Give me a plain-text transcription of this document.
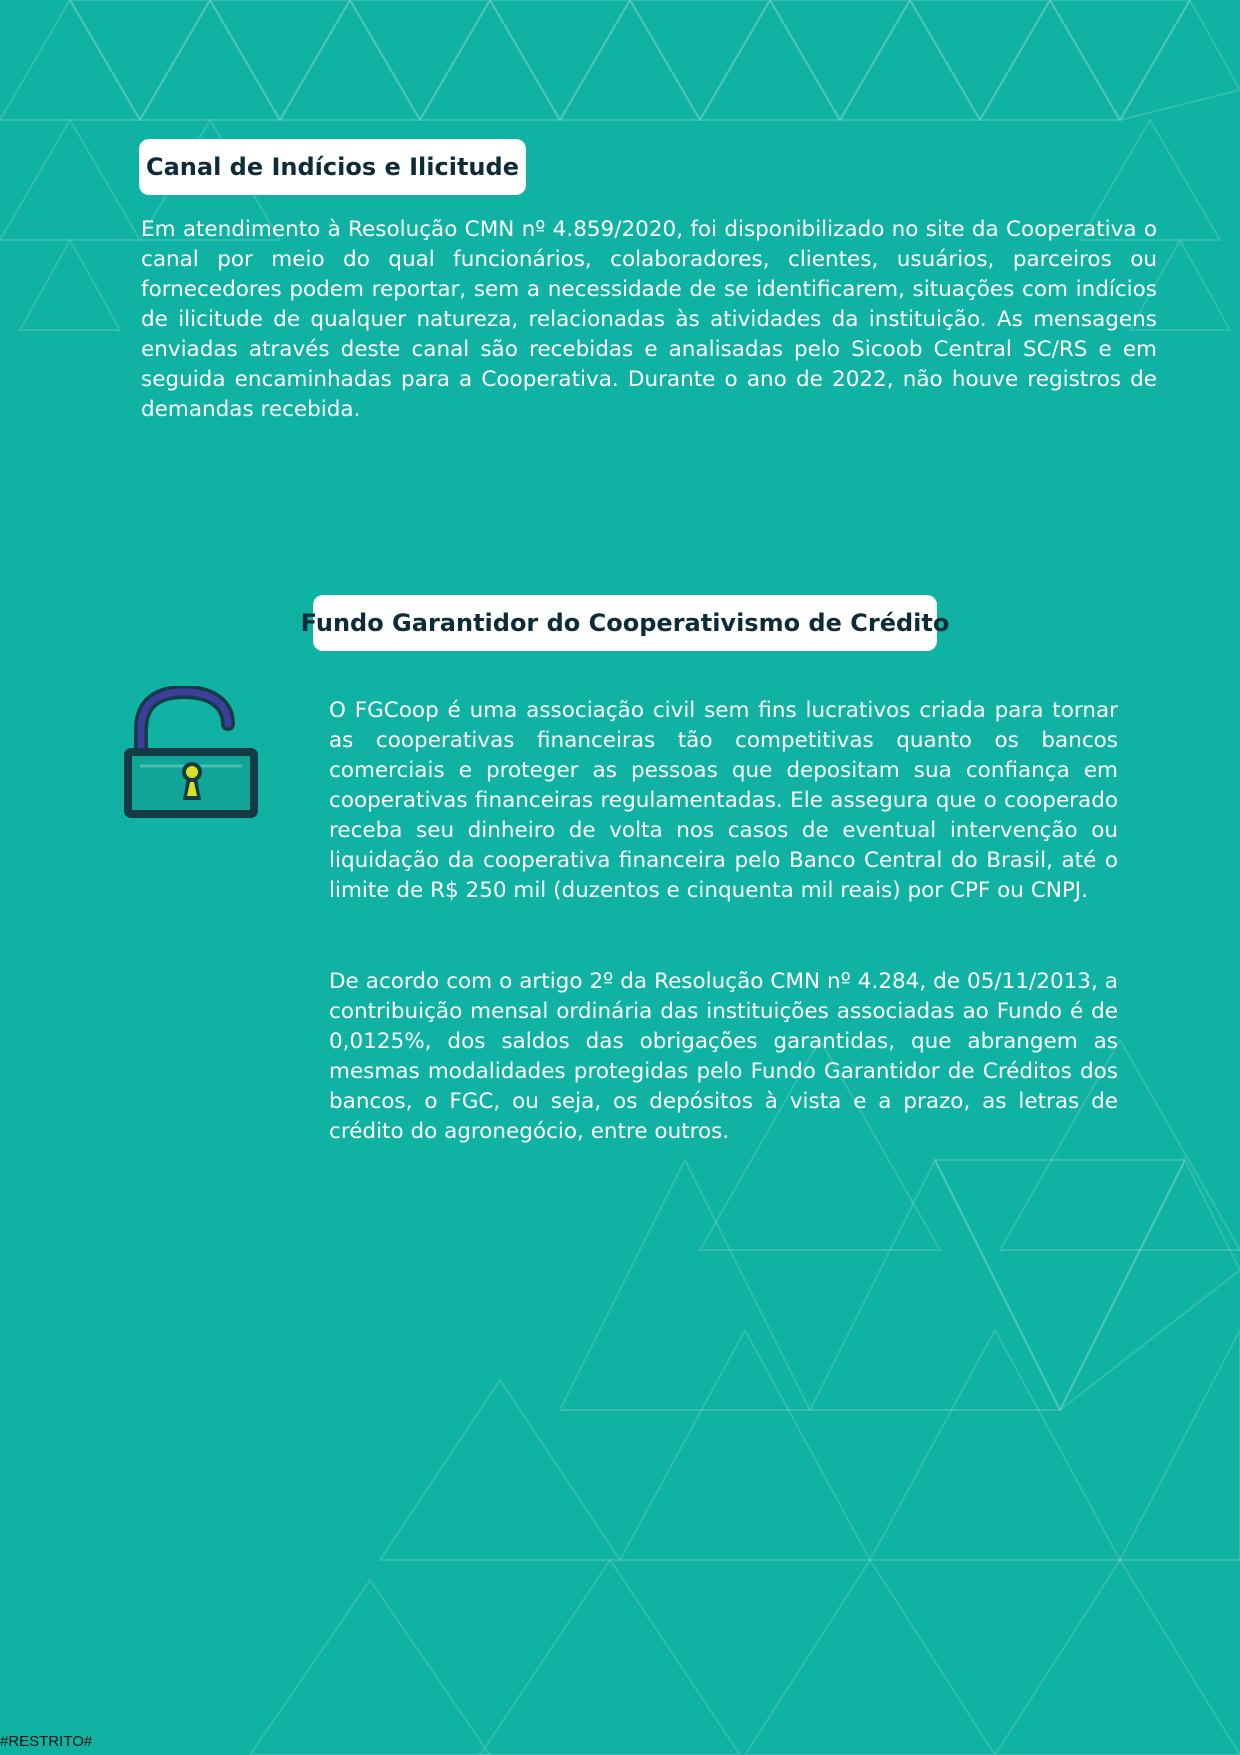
Canal de Indícios e Ilicitude

Em atendimento à Resolução CMN nº 4.859/2020, foi disponibilizado no site da Cooperativa o canal por meio do qual funcionários, colaboradores, clientes, usuários, parceiros ou fornecedores podem reportar, sem a necessidade de se identificarem, situações com indícios de ilicitude de qualquer natureza, relacionadas às atividades da instituição. As mensagens enviadas através deste canal são recebidas e analisadas pelo Sicoob Central SC/RS e em seguida encaminhadas para a Cooperativa. Durante o ano de 2022, não houve registros de demandas recebida.

Fundo Garantidor do Cooperativismo de Crédito

O FGCoop é uma associação civil sem fins lucrativos criada para tornar as cooperativas financeiras tão competitivas quanto os bancos comerciais e proteger as pessoas que depositam sua confiança em cooperativas financeiras regulamentadas. Ele assegura que o cooperado receba seu dinheiro de volta nos casos de eventual intervenção ou liquidação da cooperativa financeira pelo Banco Central do Brasil, até o limite de R$ 250 mil (duzentos e cinquenta mil reais) por CPF ou CNPJ.

De acordo com o artigo 2º da Resolução CMN nº 4.284, de 05/11/2013, a contribuição mensal ordinária das instituições associadas ao Fundo é de 0,0125%, dos saldos das obrigações garantidas, que abrangem as mesmas modalidades protegidas pelo Fundo Garantidor de Créditos dos bancos, o FGC, ou seja, os depósitos à vista e a prazo, as letras de crédito do agronegócio, entre outros.

#RESTRITO#
